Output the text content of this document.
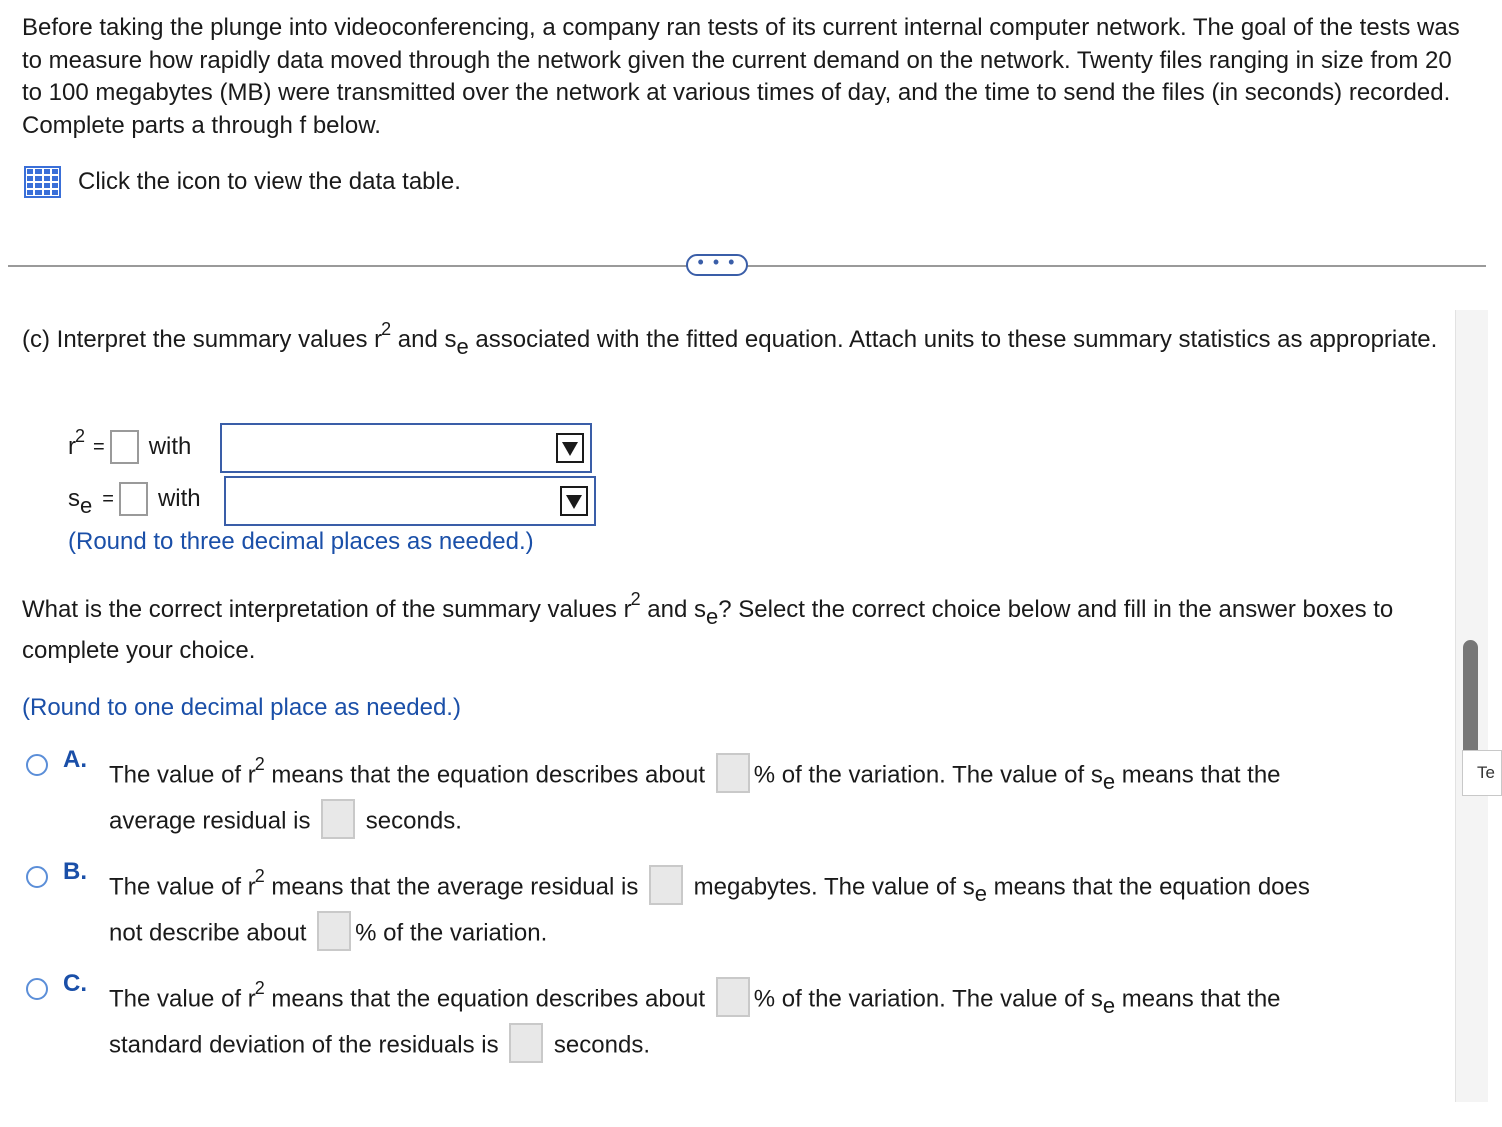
Before taking the plunge into videoconferencing, a company ran tests of its current internal computer network. The goal of the tests was to measure how rapidly data moved through the network given the current demand on the network. Twenty files ranging in size from 20 to 100 megabytes (MB) were transmitted over the network at various times of day, and the time to send the files (in seconds) recorded. Complete parts a through f below.

Click the icon to view the data table.
• • •
Te

(c) Interpret the summary values $r^2$ and $s_e$ associated with the fitted equation. Attach units to these summary statistics as appropriate.

$r^2$ = with
$s_e$ = with
(Round to three decimal places as needed.)

What is the correct interpretation of the summary values $r^2$ and $s_e$? Select the correct choice below and fill in the answer boxes to complete your choice.

(Round to one decimal place as needed.)
A.
The value of $r^2$ means that the equation describes about % of the variation. The value of $s_e$ means that the
average residual is seconds.
B.
The value of $r^2$ means that the average residual is megabytes. The value of $s_e$ means that the equation does
not describe about % of the variation.
C.
The value of $r^2$ means that the equation describes about % of the variation. The value of $s_e$ means that the
standard deviation of the residuals is seconds.
